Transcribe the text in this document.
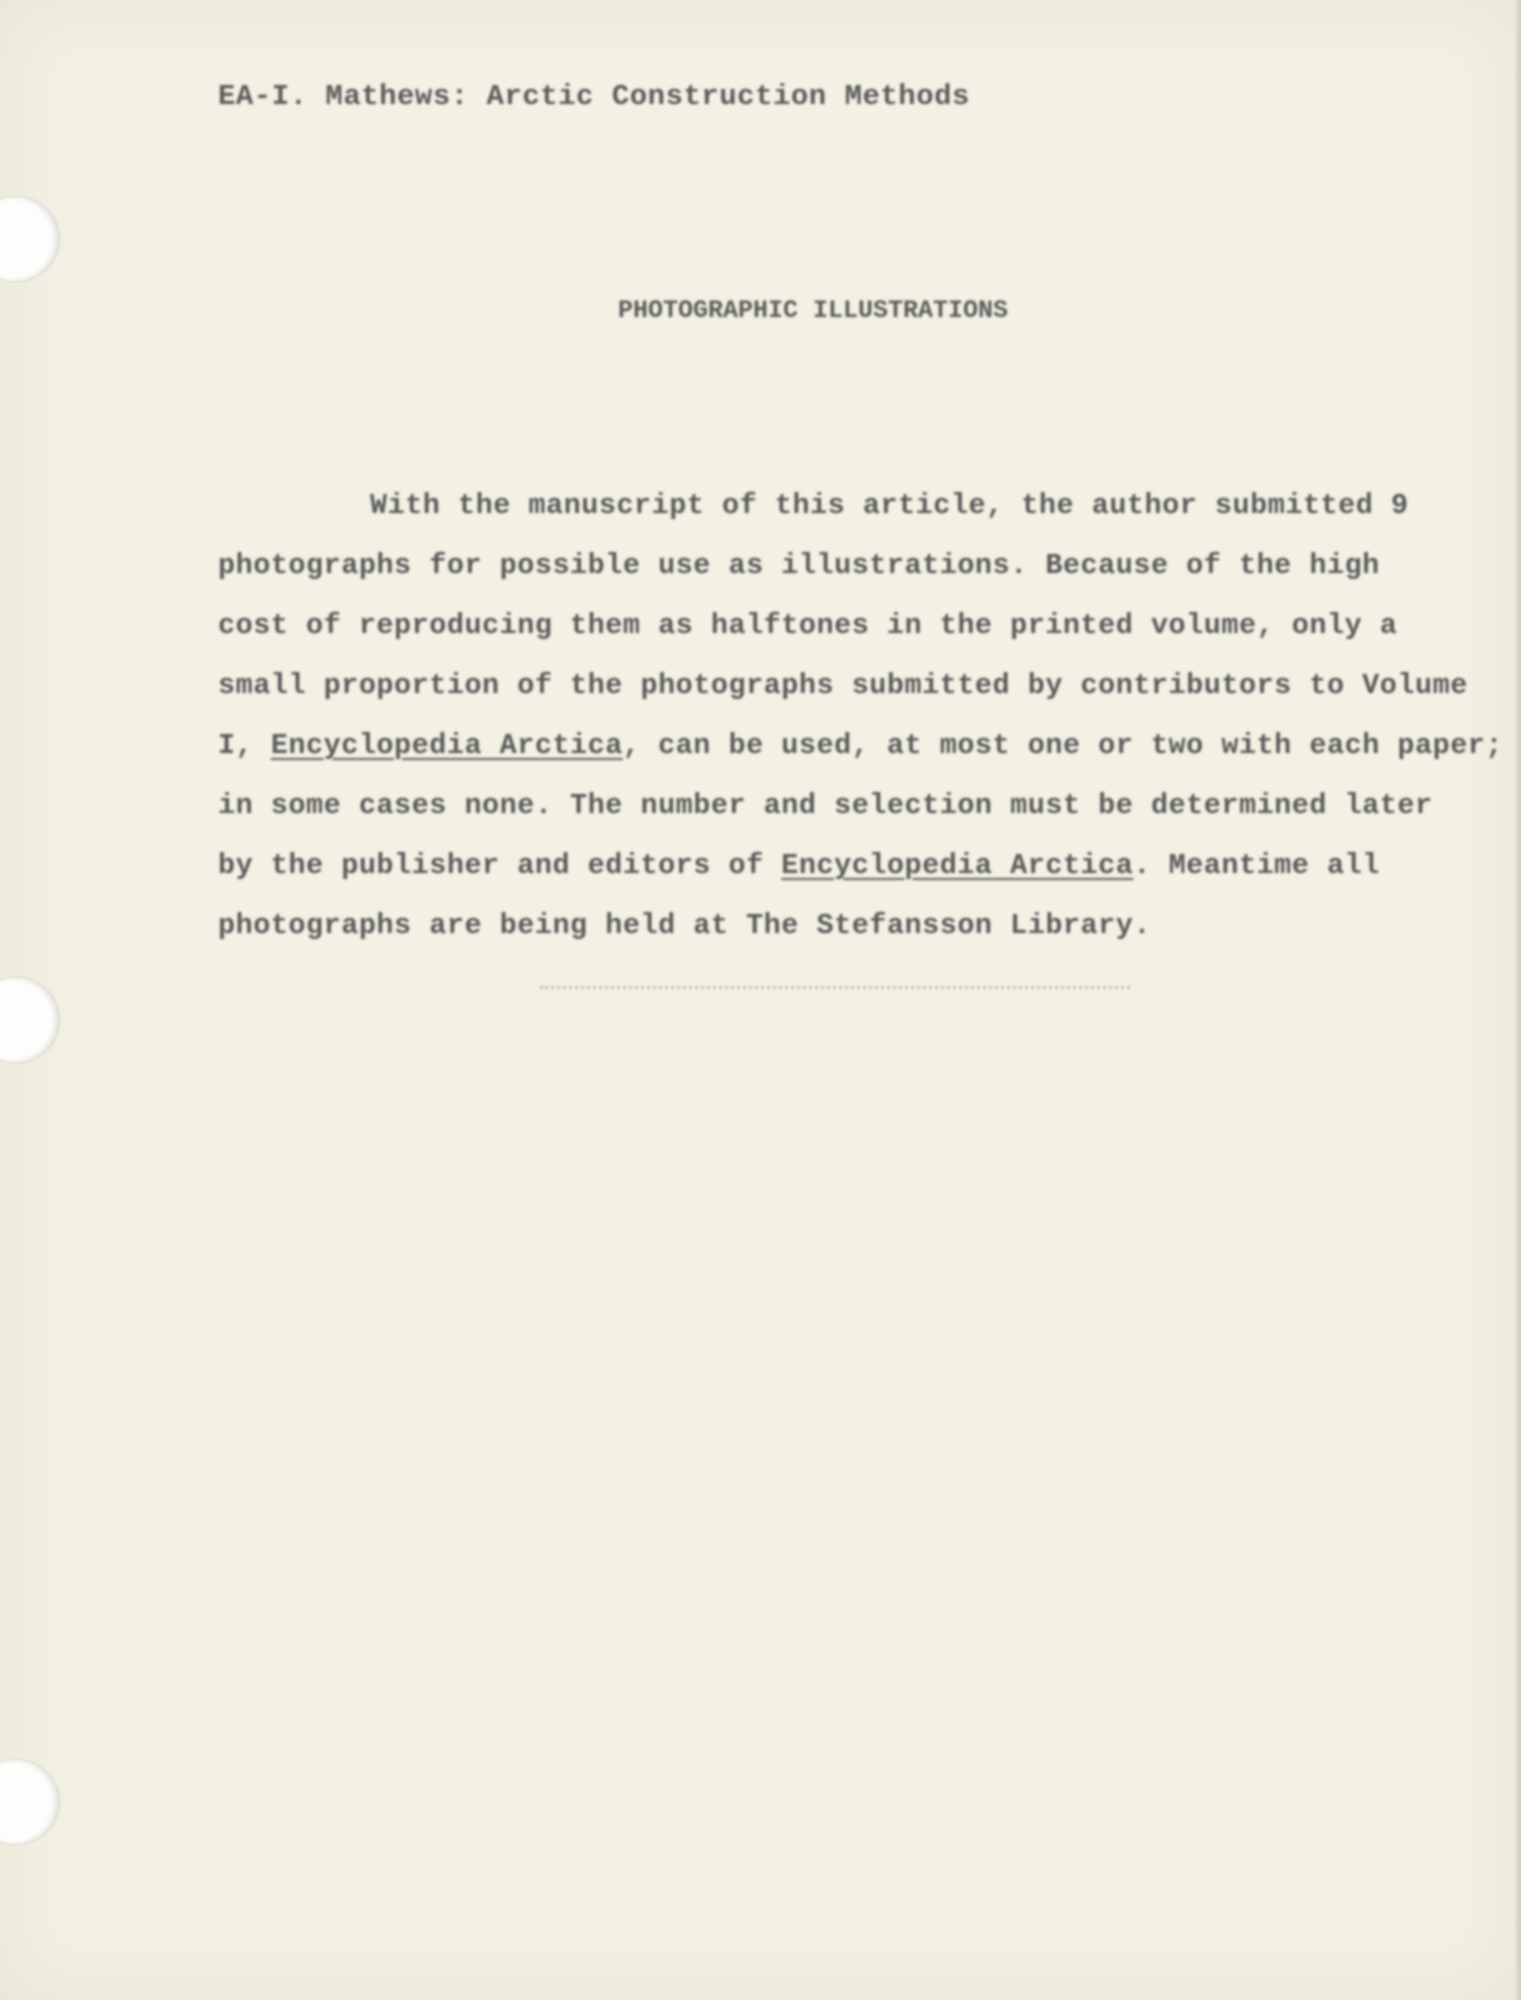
EA-I. Mathews: Arctic Construction Methods
PHOTOGRAPHIC ILLUSTRATIONS
With the manuscript of this article, the author submitted 9
photographs for possible use as illustrations. Because of the high
cost of reproducing them as halftones in the printed volume, only a
small proportion of the photographs submitted by contributors to Volume
I, Encyclopedia Arctica, can be used, at most one or two with each paper;
in some cases none. The number and selection must be determined later
by the publisher and editors of Encyclopedia Arctica. Meantime all
photographs are being held at The Stefansson Library.
